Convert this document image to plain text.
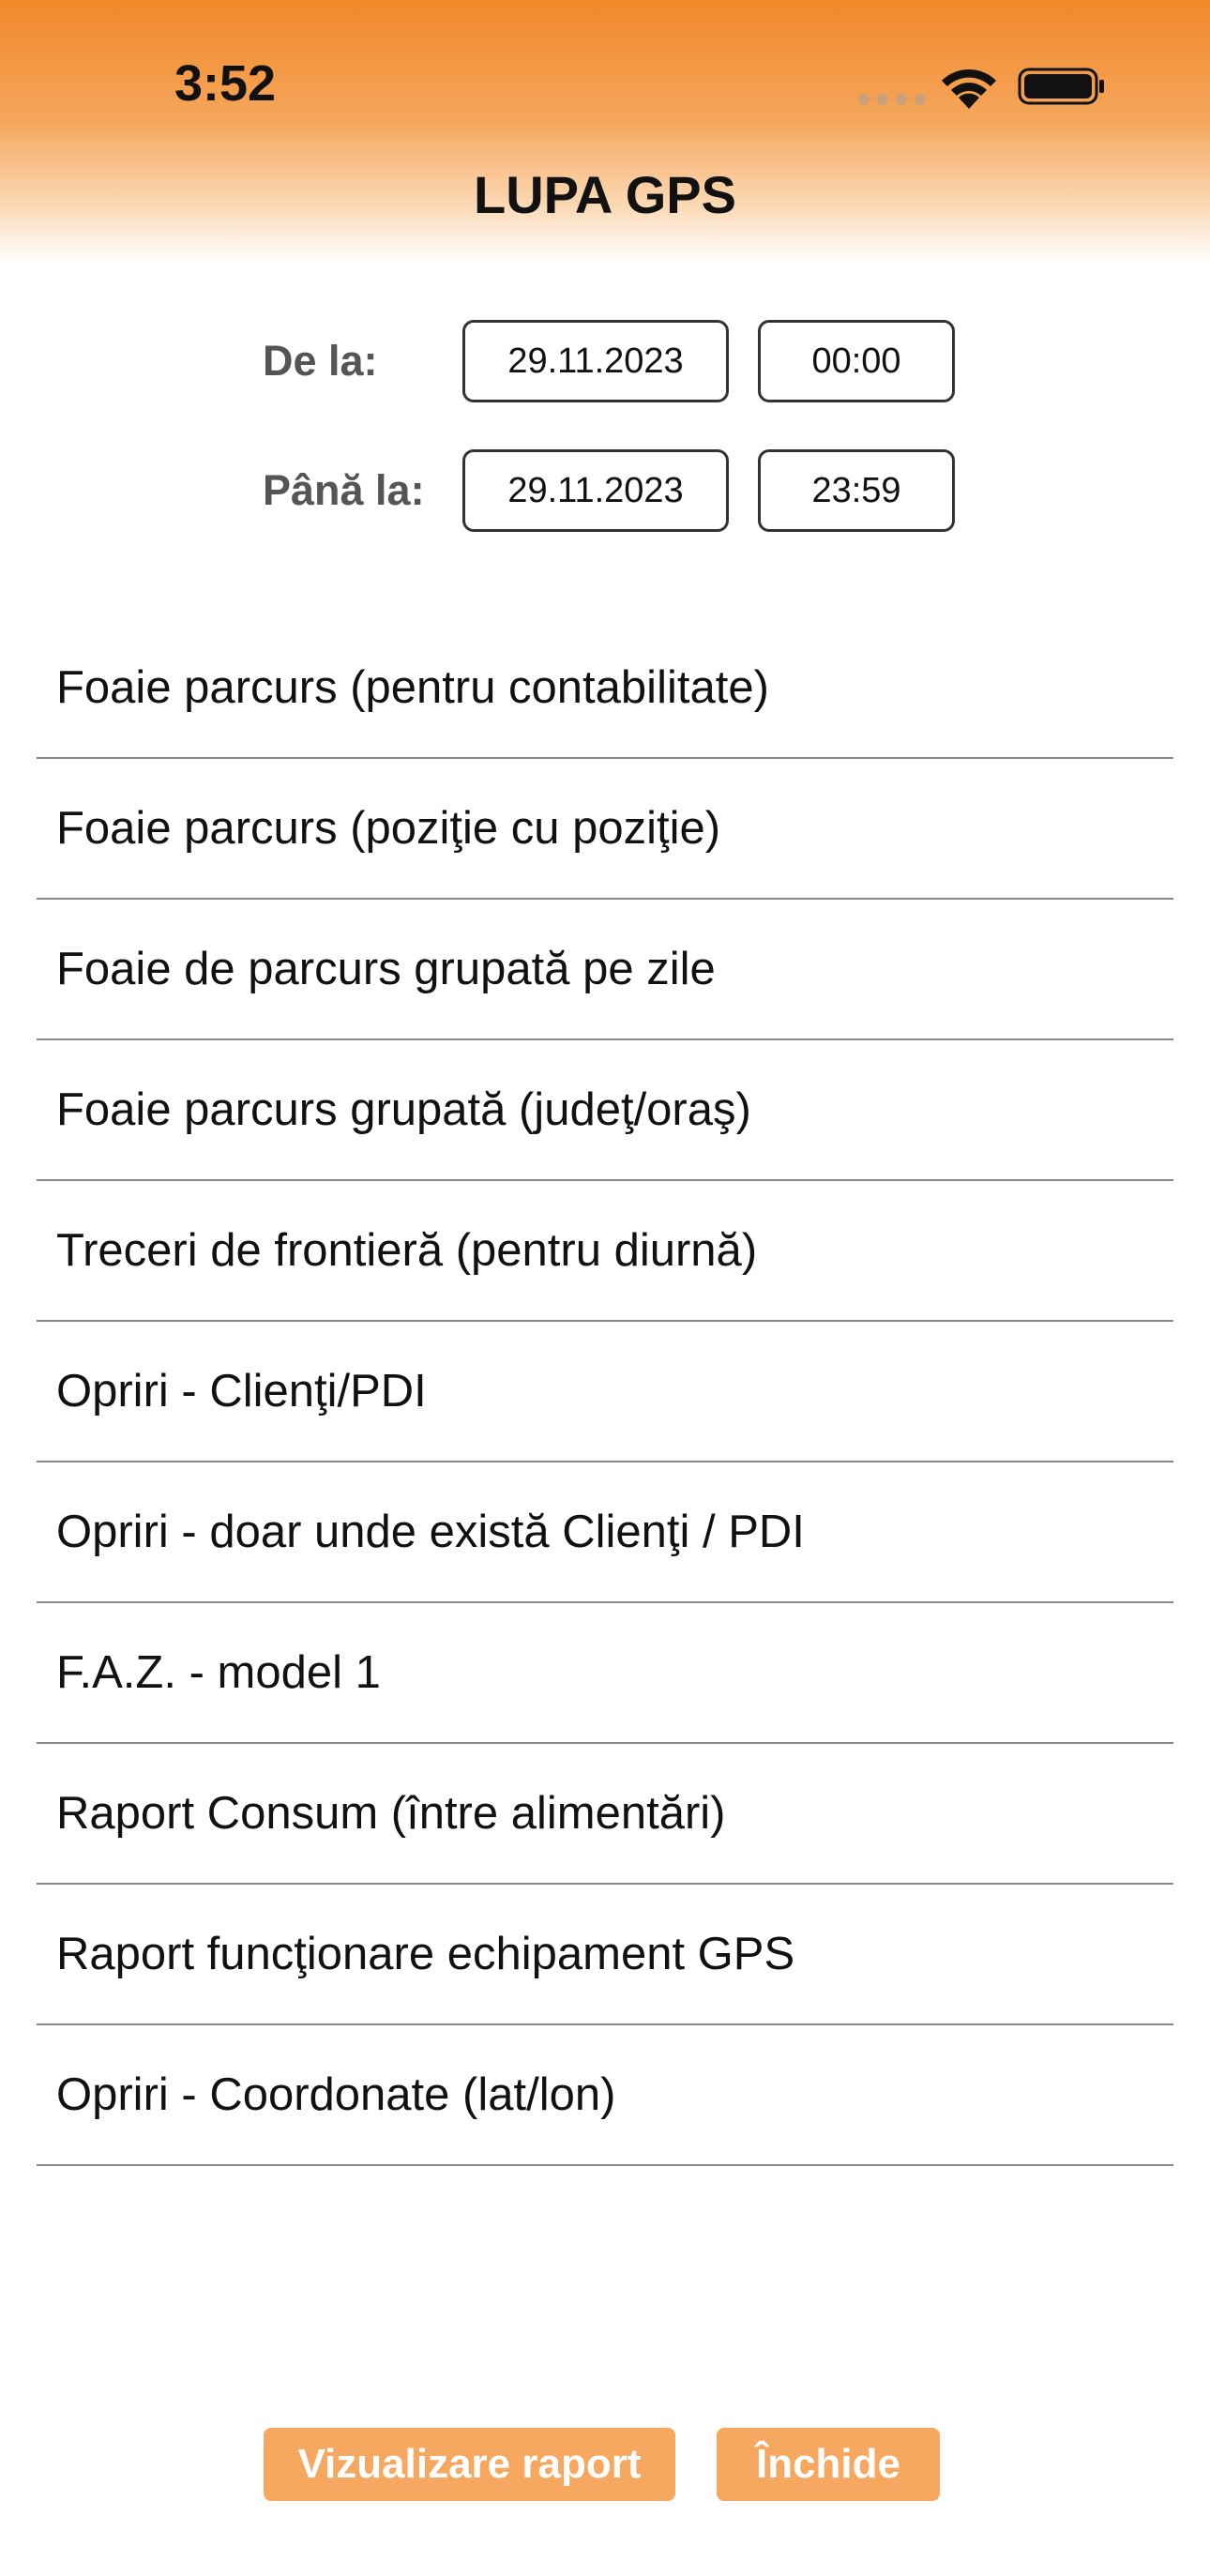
3:52
LUPA GPS
De la:	29.11.2023	00:00
Până la:	29.11.2023	23:59
Foaie parcurs (pentru contabilitate)
Foaie parcurs (poziţie cu poziţie)
Foaie de parcurs grupată pe zile
Foaie parcurs grupată (judeţ/oraş)
Treceri de frontieră (pentru diurnă)
Opriri - Clienţi/PDI
Opriri - doar unde există Clienţi / PDI
F.A.Z. - model 1
Raport Consum (între alimentări)
Raport funcţionare echipament GPS
Opriri - Coordonate (lat/lon)
Vizualizare raport	Închide
